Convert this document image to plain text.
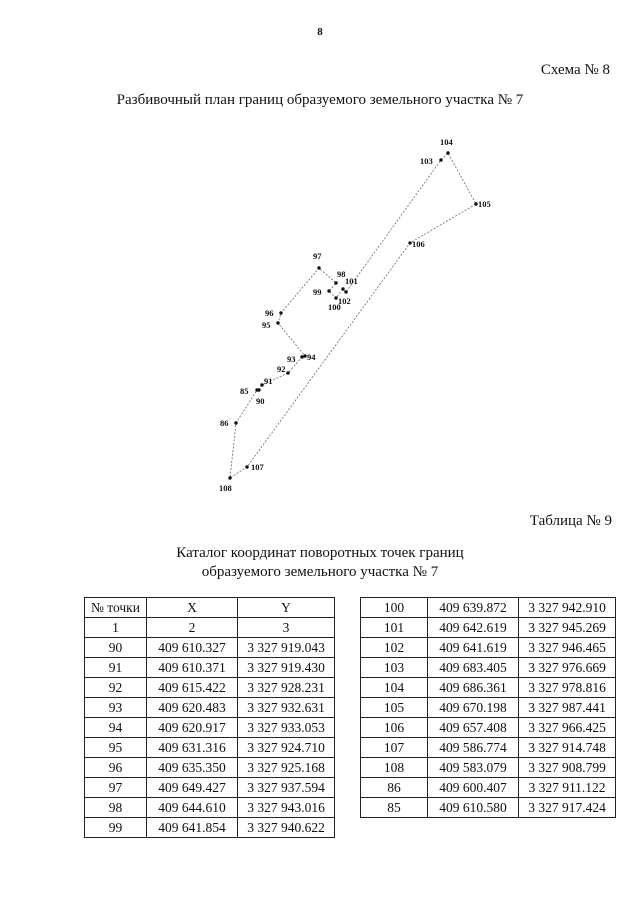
8
Схема № 8
Разбивочный план границ образуемого земельного участка № 7
85
86
90
91
92
93 94
95
96
97
98
99
100
101
102
103
104
105
106
107
108
Таблица № 9
Каталог координат поворотных точек границ
образуемого земельного участка № 7
№ точки	X	Y
1	2	3
90	409 610.327	3 327 919.043
91	409 610.371	3 327 919.430
92	409 615.422	3 327 928.231
93	409 620.483	3 327 932.631
94	409 620.917	3 327 933.053
95	409 631.316	3 327 924.710
96	409 635.350	3 327 925.168
97	409 649.427	3 327 937.594
98	409 644.610	3 327 943.016
99	409 641.854	3 327 940.622
100	409 639.872	3 327 942.910
101	409 642.619	3 327 945.269
102	409 641.619	3 327 946.465
103	409 683.405	3 327 976.669
104	409 686.361	3 327 978.816
105	409 670.198	3 327 987.441
106	409 657.408	3 327 966.425
107	409 586.774	3 327 914.748
108	409 583.079	3 327 908.799
86	409 600.407	3 327 911.122
85	409 610.580	3 327 917.424
